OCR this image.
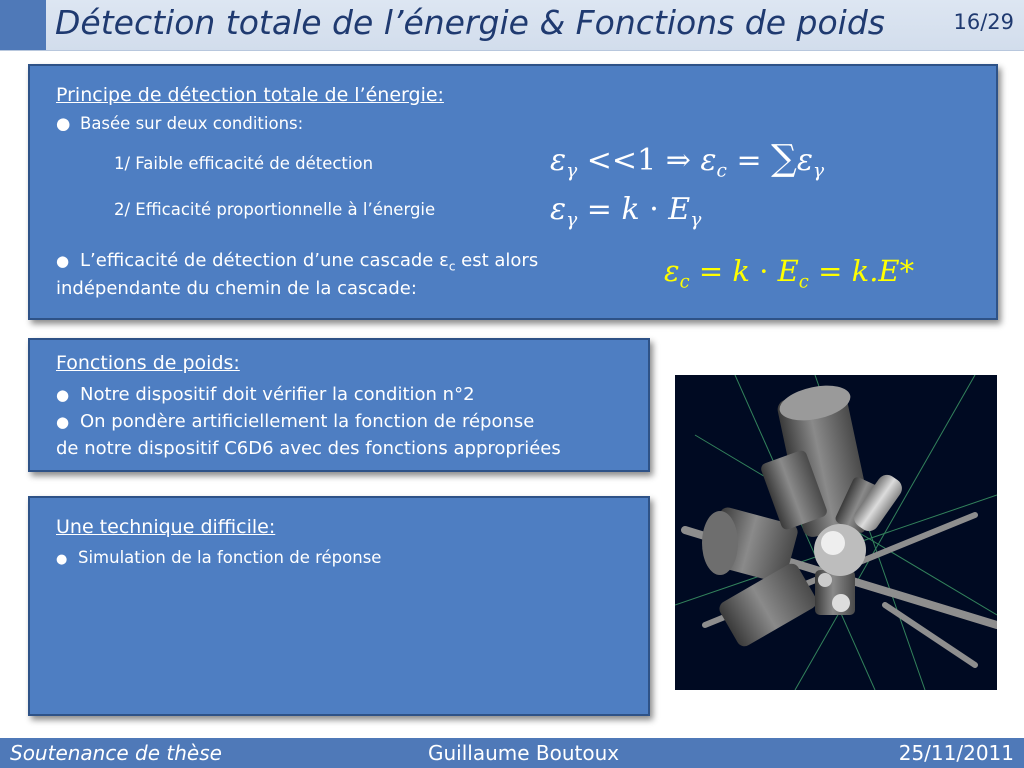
Détection totale de l’énergie & Fonctions de poids	16/29
Principe de détection totale de l’énergie:
● Basée sur deux conditions:
1/ Faible efficacité de détection
2/ Efficacité proportionnelle à l’énergie
$\varepsilon_\gamma <<1$ ⇒ $\varepsilon_c = \sum\varepsilon_\gamma$
$\varepsilon_\gamma = k \cdot E_\gamma$
● L’efficacité de détection d’une cascade $\varepsilon_c$ est alors
indépendante du chemin de la cascade:
$\varepsilon_c = k \cdot E_c = k.E*$
Fonctions de poids:
● Notre dispositif doit vérifier la condition n°2
● On pondère artificiellement la fonction de réponse
de notre dispositif C6D6 avec des fonctions appropriées
Une technique difficile:
● Simulation de la fonction de réponse
Soutenance de thèse	Guillaume Boutoux	25/11/2011
